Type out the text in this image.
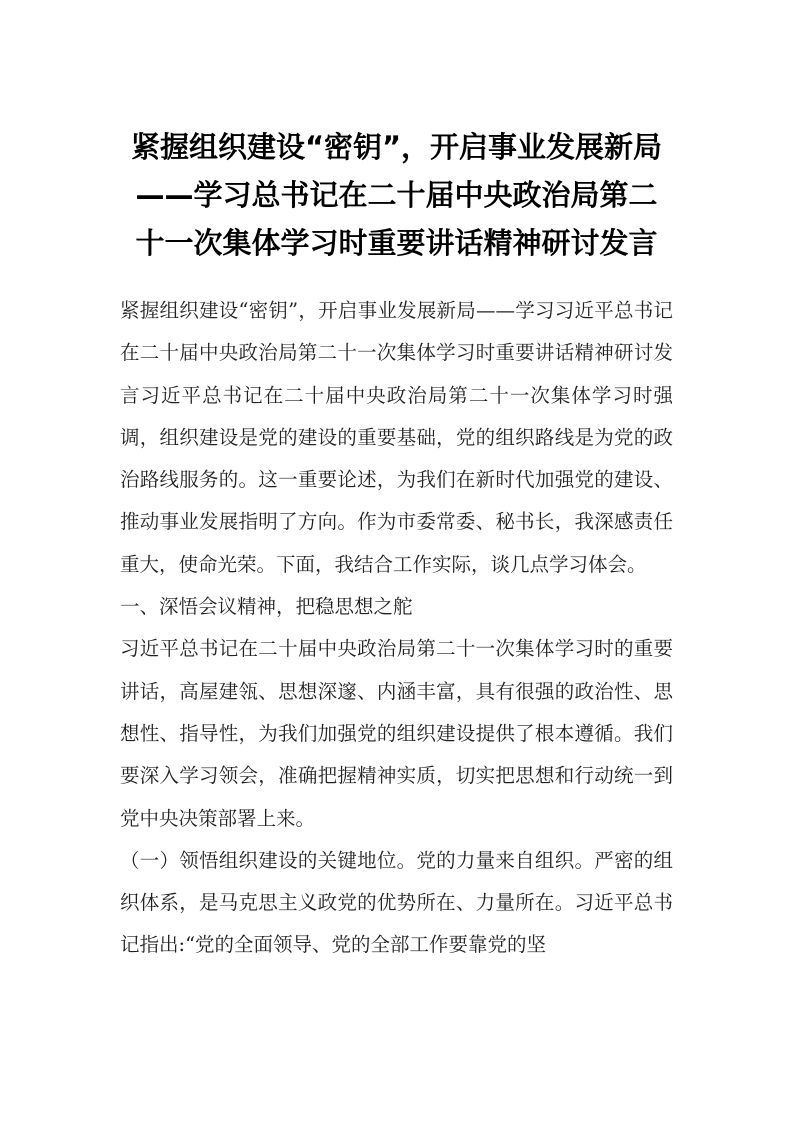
紧握组织建设“密钥”，开启事业发展新局
——学习总书记在二十届中央政治局第二
十一次集体学习时重要讲话精神研讨发言

紧握组织建设“密钥”，开启事业发展新局——学习习近平总书记在二十届中央政治局第二十一次集体学习时重要讲话精神研讨发言习近平总书记在二十届中央政治局第二十一次集体学习时强调，组织建设是党的建设的重要基础，党的组织路线是为党的政治路线服务的。这一重要论述，为我们在新时代加强党的建设、推动事业发展指明了方向。作为市委常委、秘书长，我深感责任重大，使命光荣。下面，我结合工作实际，谈几点学习体会。

一、深悟会议精神，把稳思想之舵

习近平总书记在二十届中央政治局第二十一次集体学习时的重要讲话，高屋建瓴、思想深邃、内涵丰富，具有很强的政治性、思想性、指导性，为我们加强党的组织建设提供了根本遵循。我们要深入学习领会，准确把握精神实质，切实把思想和行动统一到党中央决策部署上来。

（一）领悟组织建设的关键地位。党的力量来自组织。严密的组织体系，是马克思主义政党的优势所在、力量所在。习近平总书记指出:“党的全面领导、党的全部工作要靠党的坚
